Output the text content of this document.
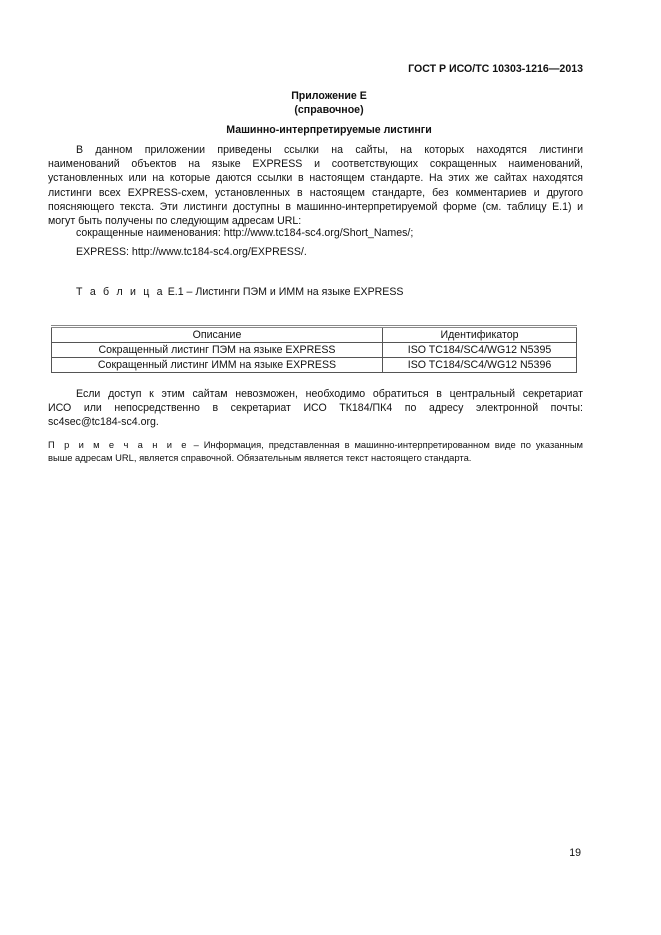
ГОСТ Р ИСО/ТС 10303-1216—2013
Приложение Е
(справочное)
Машинно-интерпретируемые листинги
В данном приложении приведены ссылки на сайты, на которых находятся листинги
наименований объектов на языке EXPRESS и соответствующих сокращенных наименований,
установленных или на которые даются ссылки в настоящем стандарте. На этих же сайтах находятся
листинги всех EXPRESS-схем, установленных в настоящем стандарте, без комментариев и другого
поясняющего текста. Эти листинги доступны в машинно-интерпретируемой форме (см. таблицу Е.1) и
могут быть получены по следующим адресам URL:
сокращенные наименования: http://www.tc184-sc4.org/Short_Names/;
EXPRESS: http://www.tc184-sc4.org/EXPRESS/.
Т а б л и ц а Е.1 – Листинги ПЭМ и ИММ на языке EXPRESS
Описание	Идентификатор
Сокращенный листинг ПЭМ на языке EXPRESS	ISO TC184/SC4/WG12 N5395
Сокращенный листинг ИММ на языке EXPRESS	ISO TC184/SC4/WG12 N5396
Если доступ к этим сайтам невозможен, необходимо обратиться в центральный секретариат
ИСО или непосредственно в секретариат ИСО ТК184/ПК4 по адресу электронной почты:
sc4sec@tc184-sc4.org.
П р и м е ч а н и е – Информация, представленная в машинно-интерпретированном виде по указанным
выше адресам URL, является справочной. Обязательным является текст настоящего стандарта.
19
